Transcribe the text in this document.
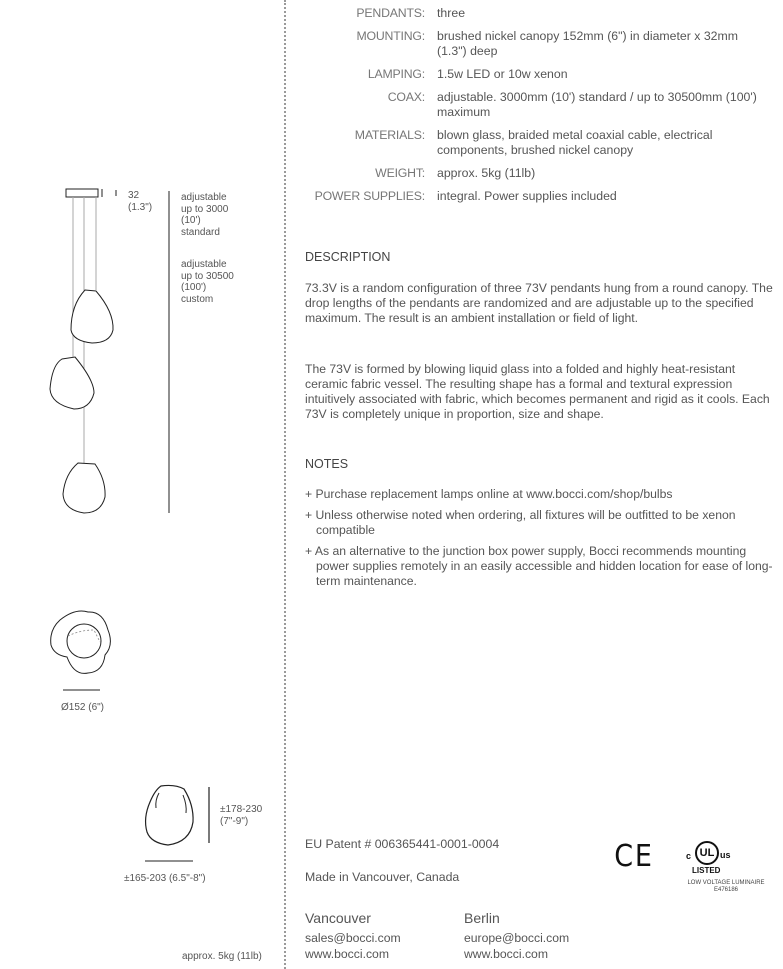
PENDANTS: three
MOUNTING: brushed nickel canopy 152mm (6") in diameter x 32mm (1.3") deep
LAMPING: 1.5w LED or 10w xenon
COAX: adjustable. 3000mm (10') standard / up to 30500mm (100') maximum
MATERIALS: blown glass, braided metal coaxial cable, electrical components, brushed nickel canopy
WEIGHT: approx. 5kg (11lb)
POWER SUPPLIES: integral. Power supplies included
DESCRIPTION

73.3V is a random configuration of three 73V pendants hung from a round canopy. The drop lengths of the pendants are randomized and are adjustable up to the specified maximum. The result is an ambient installation or field of light.

The 73V is formed by blowing liquid glass into a folded and highly heat-resistant ceramic fabric vessel. The resulting shape has a formal and textural expression intuitively associated with fabric, which becomes permanent and rigid as it cools. Each 73V is completely unique in proportion, size and shape.

NOTES
+ Purchase replacement lamps online at www.bocci.com/shop/bulbs
+ Unless otherwise noted when ordering, all fixtures will be outfitted to be xenon compatible
+ As an alternative to the junction box power supply, Bocci recommends mounting power supplies remotely in an easily accessible and hidden location for ease of long-term maintenance.
EU Patent # 006365441-0001-0004
Made in Vancouver, Canada
Vancouver
sales@bocci.com
www.bocci.com
Berlin
europe@bocci.com
www.bocci.com
CE	c UL us
LISTED
LOW VOLTAGE LUMINAIRE
E476186
32
(1.3")
adjustable
up to 3000
(10')
standard
adjustable
up to 30500
(100')
custom
Ø152 (6")
±178-230
(7"-9")
±165-203 (6.5"-8")
approx. 5kg (11lb)
